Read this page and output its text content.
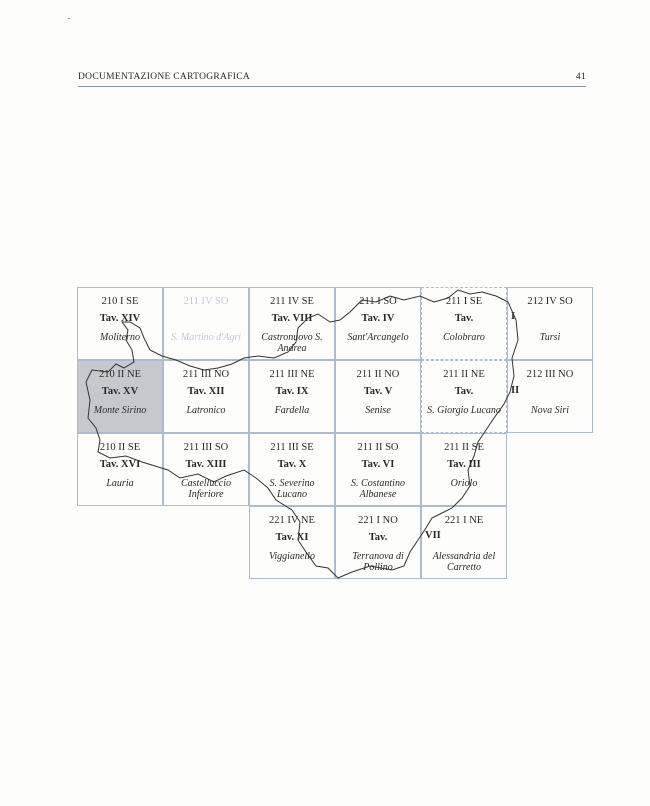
DOCUMENTAZIONE CARTOGRAFICA	41
210 I SE
Tav. XIV
Moliterno
211 IV SO
S. Martino d'Agri
211 IV SE
Tav. VIII
Castronuovo S. Andrea
211 I SO
Tav. IV
Sant'Arcangelo
211 I SE
Tav.
Colobraro
212 IV SO
Tursi
210 II NE
Tav. XV
Monte Sirino
211 III NO
Tav. XII
Latronico
211 III NE
Tav. IX
Fardella
211 II NO
Tav. V
Senise
211 II NE
Tav.
S. Giorgio Lucano
212 III NO
Nova Siri
210 II SE
Tav. XVI
Lauria
211 III SO
Tav. XIII
Castelluccio Inferiore
211 III SE
Tav. X
S. Severino Lucano
211 II SO
Tav. VI
S. Costantino Albanese
211 II SE
Tav. III
Oriolo
221 IV NE
Tav. XI
Viggianello
221 I NO
Tav.
Terranova di Pollino
221 I NE
Alessandria del Carretto
I
II
VII
